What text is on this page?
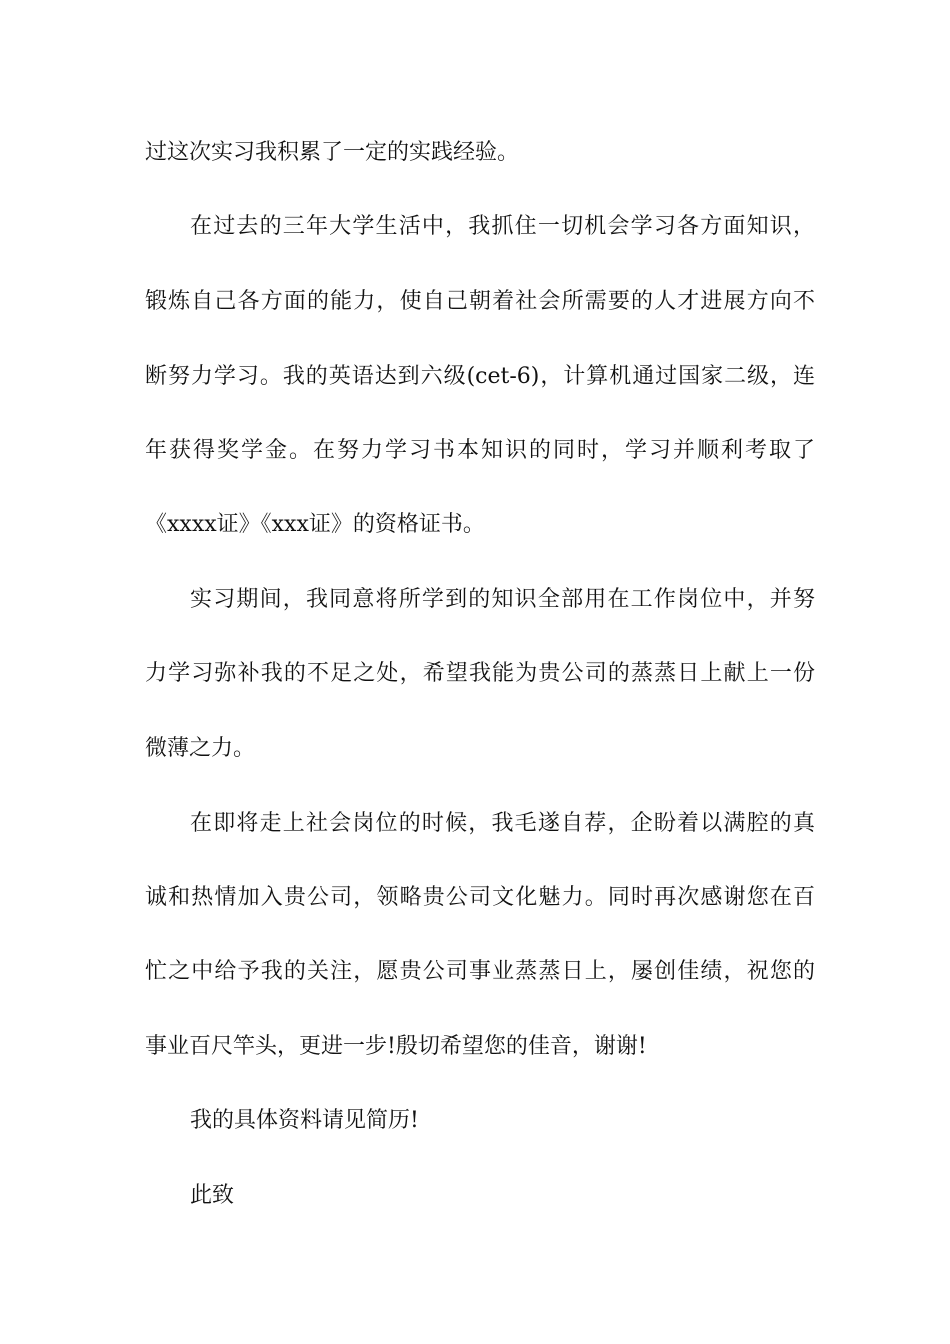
过这次实习我积累了一定的实践经验。

在过去的三年大学生活中，我抓住一切机会学习各方面知识，

锻炼自己各方面的能力，使自己朝着社会所需要的人才进展方向不

断努力学习。我的英语达到六级(cet-6)，计算机通过国家二级，连

年获得奖学金。在努力学习书本知识的同时，学习并顺利考取了

《xxxx证》《xxx证》的资格证书。

实习期间，我同意将所学到的知识全部用在工作岗位中，并努

力学习弥补我的不足之处，希望我能为贵公司的蒸蒸日上献上一份

微薄之力。

在即将走上社会岗位的时候，我毛遂自荐，企盼着以满腔的真

诚和热情加入贵公司，领略贵公司文化魅力。同时再次感谢您在百

忙之中给予我的关注，愿贵公司事业蒸蒸日上，屡创佳绩，祝您的

事业百尺竿头，更进一步!殷切希望您的佳音，谢谢!

我的具体资料请见简历!

此致
